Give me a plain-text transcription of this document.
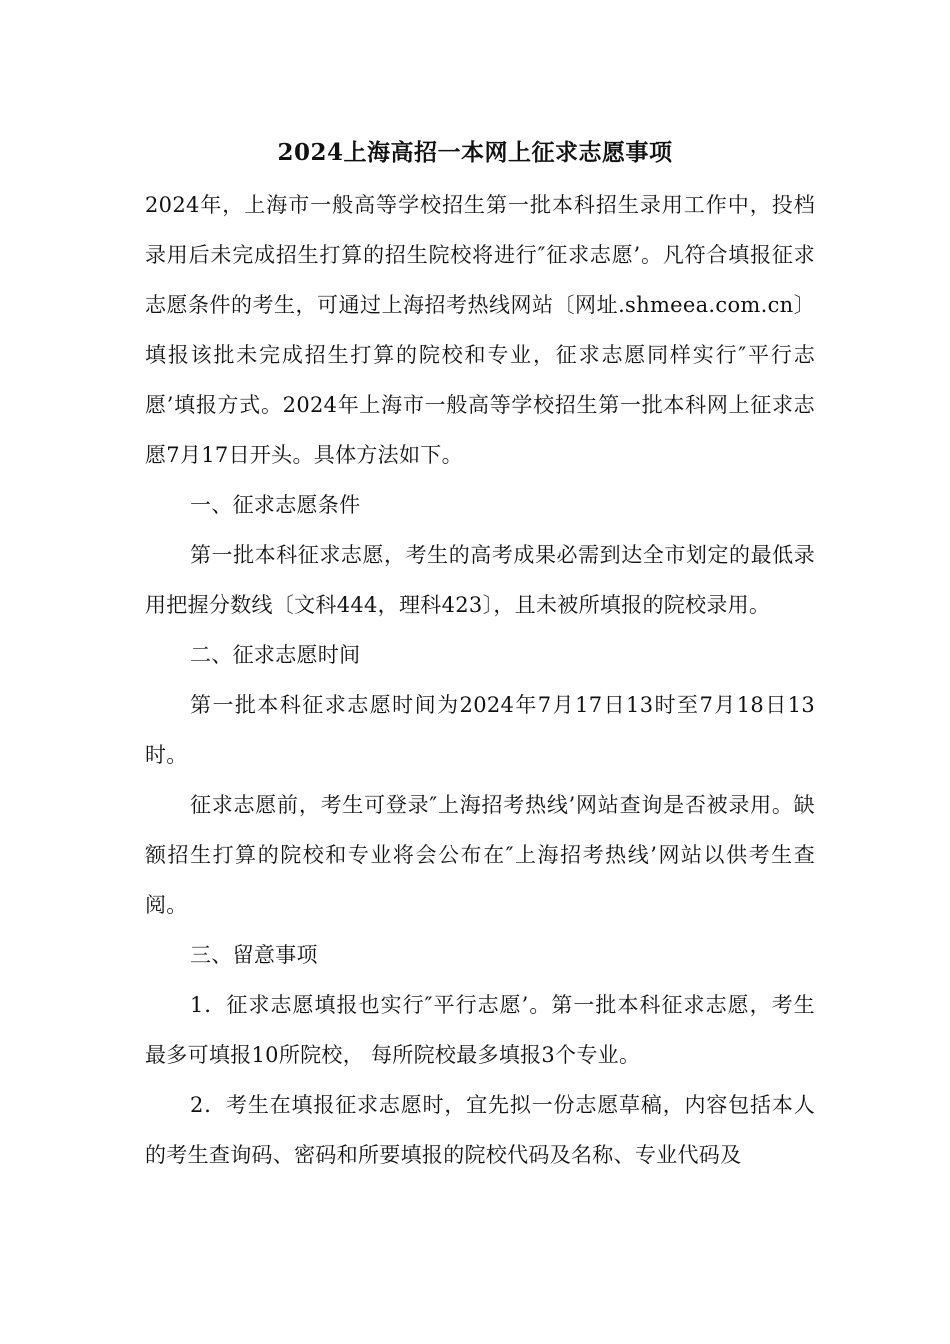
2024上海高招一本网上征求志愿事项

2024年，上海市一般高等学校招生第一批本科招生录用工作中，投档录用后未完成招生打算的招生院校将进行″征求志愿’。凡符合填报征求志愿条件的考生，可通过上海招考热线网站〔网址.shmeea.com.cn〕填报该批未完成招生打算的院校和专业，征求志愿同样实行″平行志愿’填报方式。2024年上海市一般高等学校招生第一批本科网上征求志愿7月17日开头。具体方法如下。

一、征求志愿条件

第一批本科征求志愿，考生的高考成果必需到达全市划定的最低录用把握分数线〔文科444，理科423〕，且未被所填报的院校录用。

二、征求志愿时间

第一批本科征求志愿时间为2024年7月17日13时至7月18日13时。

征求志愿前，考生可登录″上海招考热线’网站查询是否被录用。缺额招生打算的院校和专业将会公布在″上海招考热线’网站以供考生查阅。

三、留意事项

1．征求志愿填报也实行″平行志愿’。第一批本科征求志愿，考生最多可填报10所院校， 每所院校最多填报3个专业。

2．考生在填报征求志愿时，宜先拟一份志愿草稿，内容包括本人的考生查询码、密码和所要填报的院校代码及名称、专业代码及
